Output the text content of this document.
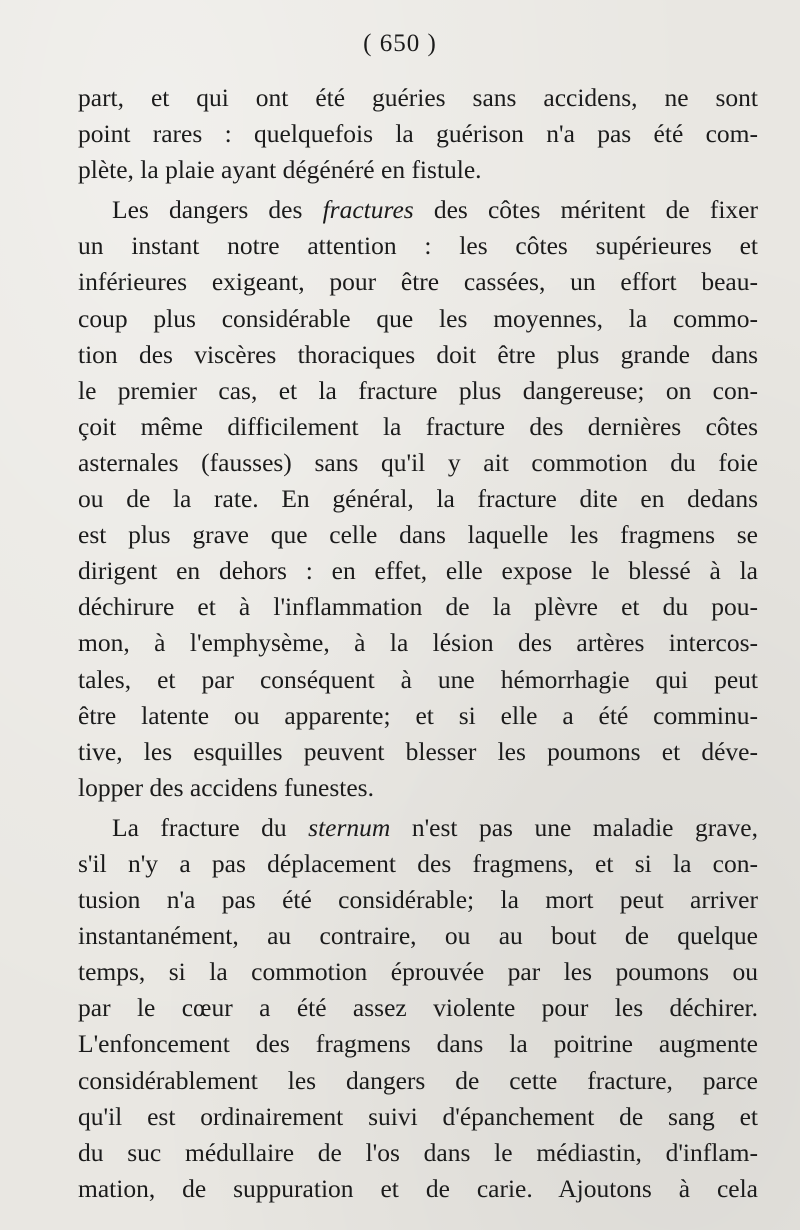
( 650 )
part, et qui ont été guéries sans accidens, ne sont
point rares : quelquefois la guérison n'a pas été com-
plète, la plaie ayant dégénéré en fistule.
Les dangers des fractures des côtes méritent de fixer
un instant notre attention : les côtes supérieures et
inférieures exigeant, pour être cassées, un effort beau-
coup plus considérable que les moyennes, la commo-
tion des viscères thoraciques doit être plus grande dans
le premier cas, et la fracture plus dangereuse; on con-
çoit même difficilement la fracture des dernières côtes
asternales (fausses) sans qu'il y ait commotion du foie
ou de la rate. En général, la fracture dite en dedans
est plus grave que celle dans laquelle les fragmens se
dirigent en dehors : en effet, elle expose le blessé à la
déchirure et à l'inflammation de la plèvre et du pou-
mon, à l'emphysème, à la lésion des artères intercos-
tales, et par conséquent à une hémorrhagie qui peut
être latente ou apparente; et si elle a été comminu-
tive, les esquilles peuvent blesser les poumons et déve-
lopper des accidens funestes.
La fracture du sternum n'est pas une maladie grave,
s'il n'y a pas déplacement des fragmens, et si la con-
tusion n'a pas été considérable; la mort peut arriver
instantanément, au contraire, ou au bout de quelque
temps, si la commotion éprouvée par les poumons ou
par le cœur a été assez violente pour les déchirer.
L'enfoncement des fragmens dans la poitrine augmente
considérablement les dangers de cette fracture, parce
qu'il est ordinairement suivi d'épanchement de sang et
du suc médullaire de l'os dans le médiastin, d'inflam-
mation, de suppuration et de carie. Ajoutons à cela
